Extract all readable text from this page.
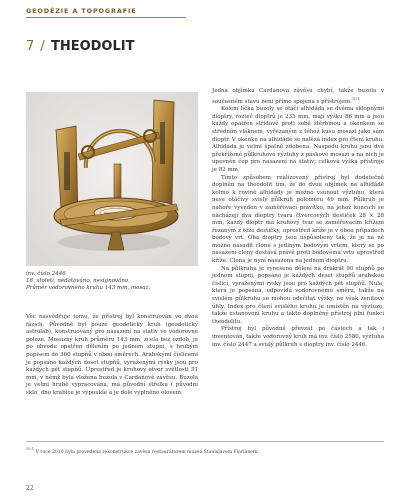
GEODÉZIE A TOPOGRAFIE
7 / THEODOLIT
inv. číslo 2446
18. století, nedatováno, nesignováno.
Průměr vodorovného kruhu 143 mm, mosaz.

Věc nasvědčuje tomu, že přístroj byl konstruován ve dvou fázích. Původně byl pouze geodetický kruh (geodetický astroláb), konstruovaný pro nasazení na stativ ve vodorovné poloze. Mosazný kruh průměru 143 mm, zcela bez ozdob, je po obvodu opatřen dělením po jednom stupni, s hrubým popisem do 360 stupňů v obou směrech. Arabskými číslicemi je popsáno každých deset stupňů, vyraženými rysky jsou pro každých pět stupňů. Uprostřed je kruhový otvor světlosti 51 mm, v němž byla vložena buzola v Cardanově závěsu. Buzola je velmi hrubě vypracována, má původní střelku i původní sklo, dno krabice je vypouklé a je dole vyplněno olovem.

Jedna objímka Cardanova závěsu chybí, takže buzola v současném stavu není přímo spojena s přístrojem.$^{10.1}$

Kolem líčka buzoly se otáčí alhidáda se dvěma sklopnými dioptry, rozteč dioptrů je 235 mm, mají výšku 86 mm a jsou každý opatřen střídavě proti sobě štěrbinou a okénkem se středním vláknem, vyřezaným z téhož kusu mosazi jako sám dioptr. V okénku na alhidádě se nalézá index pro čtení kruhu. Alhidáda je velmi špatně zdobena. Naspodu kruhu jsou dvě překřížené půlkruhové výztuhy z páskové mosazi a na nich je upevněn čep pro nasazení na stativ; celková výška přístroje je 82 mm.

Tímto způsobem realizovaný přístroj byl dodatečně doplněn na theodolit tím, že do dvou objímek na alhidádě kolmo k rovině alhidády je možno vsunout výztuhu, která nese otáčivý svislý půlkruh poloměru 49 mm. Půlkruh je nahoře vyveden v zaměřovací pravítko, na jehož koncích se nacházejí dva dioptry tvaru čtvercových destiček 28 × 28 mm, každý dioptr má kruhový tvar se zaměřovacím křížem řezaným z téže destičky, uprostřed kříže je v obou případech bodový vrt. Oba dioptry jsou uspůsobeny tak, že je na ně možno nasadit clonu s jediným bodovým vrtem, který se po nasazení clony dostává právě proti bodovému vrtu uprostřed kříže. Clona je nyní nasazena na jednom dioptru.

Na půlkruhu je vyneseno dělení na drakrát 90 stupňů po jednom stupni, popsáno je každých deset stupňů arabskou číslicí, vyraženými rysky jsou pro každých pět stupňů. Nula, která je popsána, odpovídá vodorovnému směru, takže na svislém půlkruhu se mohou odečítat výšky, ne však zenitové úhly. Index pro čtení svislého kruhu je umístěn na výztuze, takže ustanovení kruhu a takto doplněný přístroj plní funkci theodolitu.

Přístroj byl původně převzat po částech a tak i inventován, takže vodorovný kruh má inv. číslo 2580, výztuha inv. číslo 2447 a svislý půlkruh s dioptry inv. číslo 2446.

$^{10.1}$ V roce 2010 byla provedena rekonstrukce závěsu restaurátorem muzea Stanislavem Floriánem.
22
